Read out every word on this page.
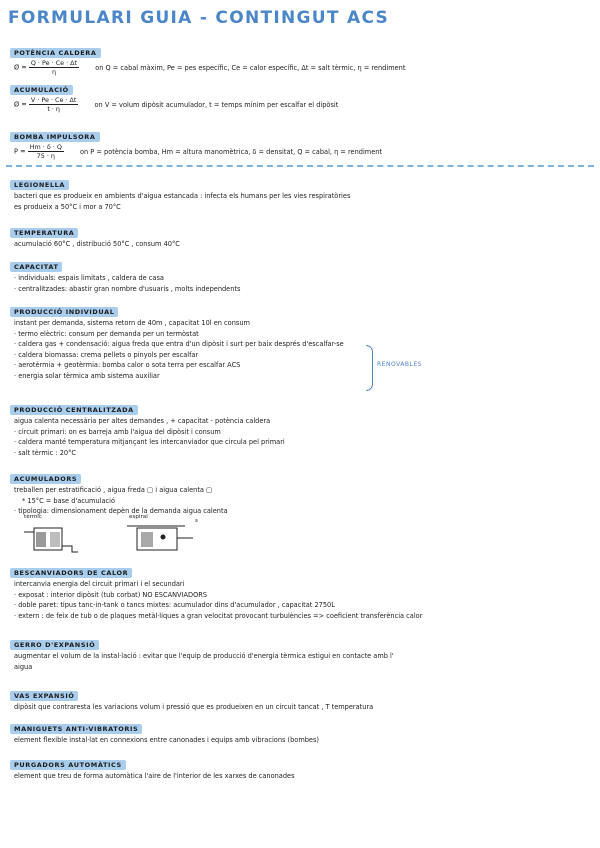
FORMULARI GUIA - CONTINGUT ACS
POTÈNCIA CALDERA
Ø = $\frac{Q \cdot Pe \cdot Ce \cdot \Delta t}{ƞ}$ on Q = cabal màxim, Pe = pes específic, Ce = calor específic, Δt = salt tèrmic, ƞ = rendiment
ACUMULACIÓ
Ø = $\frac{V \cdot Pe \cdot Ce \cdot \Delta t}{t \cdot ƞ}$ on V = volum dipòsit acumulador, t = temps mínim per escalfar el dipòsit
BOMBA IMPULSORA
$P = \frac{Hm \cdot \delta \cdot Q}{75 \cdot ƞ}$ on P = potència bomba, Hm = altura manomètrica, δ = densitat, Q = cabal, ƞ = rendiment
LEGIONELLA
bacteri que es produeix en ambients d'aigua estancada : infecta els humans per les vies respiratòries
es produeix a 50°C i mor a 70°C
TEMPERATURA
acumulació 60°C , distribució 50°C , consum 40°C
CAPACITAT
· individuals: espais limitats , caldera de casa
· centralitzades: abastir gran nombre d'usuaris , molts independents
PRODUCCIÓ INDIVIDUAL
instant per demanda, sistema retorn de 40m , capacitat 10l en consum
· termo elèctric: consum per demanda per un termòstat
· caldera gas + condensació: aigua freda que entra d'un dipòsit i surt per baix després d'escalfar-se
· caldera biomassa: crema pellets o pinyols per escalfar
· aerotèrmia + geotèrmia: bomba calor o sota terra per escalfar ACS
· energia solar tèrmica amb sistema auxiliar
RENOVABLES
PRODUCCIÓ CENTRALITZADA
aigua calenta necessària per altes demandes , + capacitat - potència caldera
· circuit primari: on es barreja amb l'aigua del dipòsit i consum
· caldera manté temperatura mitjançant les intercanviador que circula pel primari
· salt tèrmic : 20°C
ACUMULADORS
treballen per estratificació , aigua freda ▢ i aigua calenta ▢
* 15°C = base d'acumulació
· tipologia: dimensionament depèn de la demanda aigua calenta
tèrmic	espiral
s
BESCANVIADORS DE CALOR
intercanvia energia del circuit primari i el secundari
· exposat : interior dipòsit (tub corbat) NO ESCANVIADORS
· doble paret: tipus tanc-in-tank o tancs mixtes: acumulador dins d'acumulador , capacitat 2750L
· extern : de feix de tub o de plaques metàl·liques a gran velocitat provocant turbulències => coeficient transferència calor
GERRO D'EXPANSIÓ
augmentar el volum de la instal·lació : evitar que l'equip de producció d'energia tèrmica estigui en contacte amb l'
aigua
VAS EXPANSIÓ
dipòsit que contraresta les variacions volum i pressió que es produeixen en un circuit tancat , T temperatura
MANIGUETS ANTI-VIBRATORIS
element flexible instal·lat en connexions entre canonades i equips amb vibracions (bombes)
PURGADORS AUTOMÀTICS
element que treu de forma automàtica l'aire de l'interior de les xarxes de canonades
